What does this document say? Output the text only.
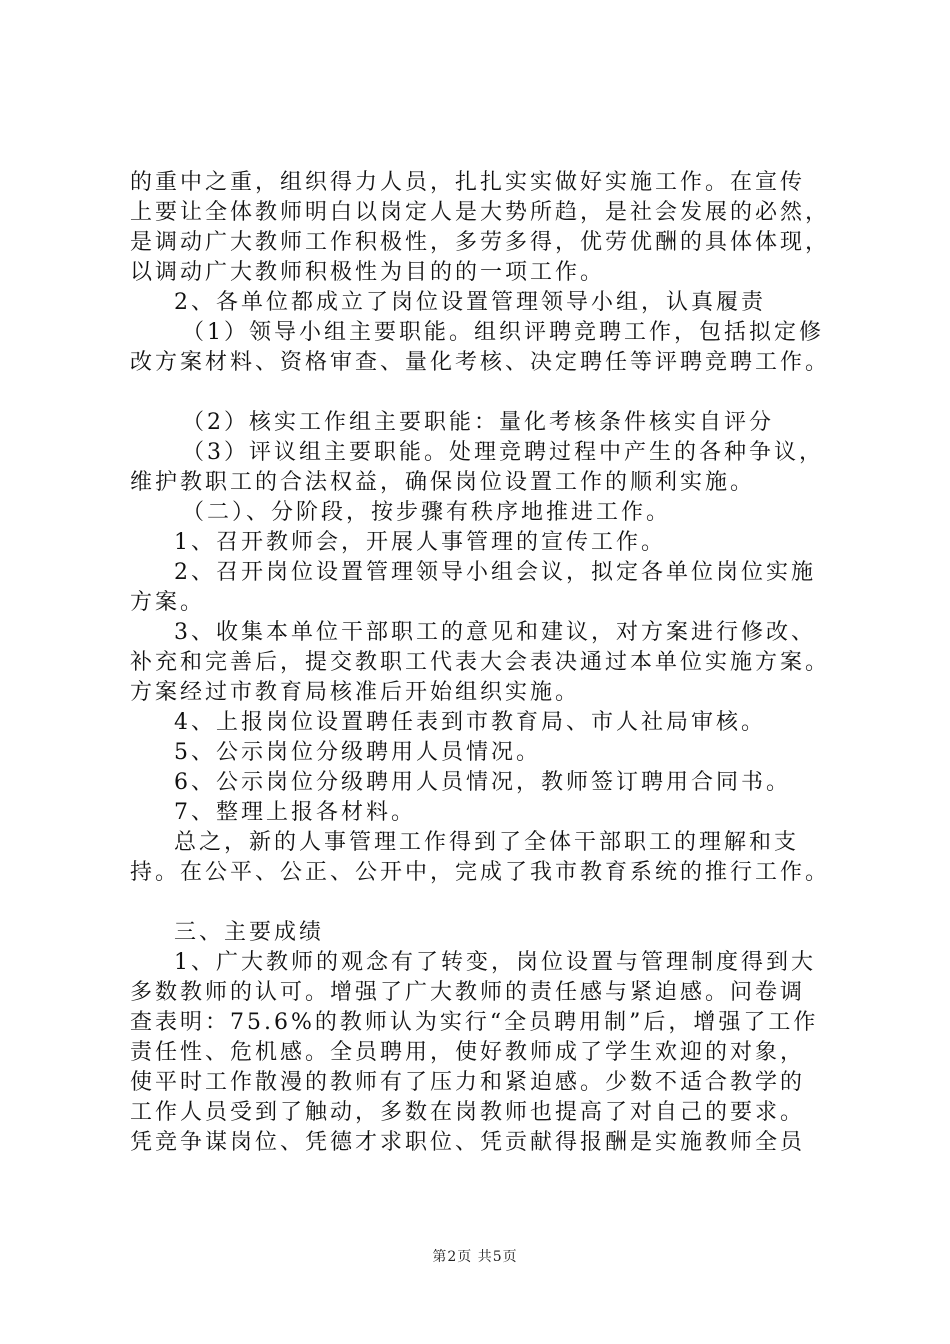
的重中之重，组织得力人员，扎扎实实做好实施工作。在宣传
上要让全体教师明白以岗定人是大势所趋，是社会发展的必然，
是调动广大教师工作积极性，多劳多得，优劳优酬的具体体现，
以调动广大教师积极性为目的的一项工作。
2、各单位都成立了岗位设置管理领导小组，认真履责
（1）领导小组主要职能。组织评聘竞聘工作，包括拟定修
改方案材料、资格审查、量化考核、决定聘任等评聘竞聘工作。
（2）核实工作组主要职能：量化考核条件核实自评分
（3）评议组主要职能。处理竞聘过程中产生的各种争议，
维护教职工的合法权益，确保岗位设置工作的顺利实施。
（二）、分阶段，按步骤有秩序地推进工作。
1、召开教师会，开展人事管理的宣传工作。
2、召开岗位设置管理领导小组会议，拟定各单位岗位实施
方案。
3、收集本单位干部职工的意见和建议，对方案进行修改、
补充和完善后，提交教职工代表大会表决通过本单位实施方案。
方案经过市教育局核准后开始组织实施。
4、上报岗位设置聘任表到市教育局、市人社局审核。
5、公示岗位分级聘用人员情况。
6、公示岗位分级聘用人员情况，教师签订聘用合同书。
7、整理上报各材料。
总之，新的人事管理工作得到了全体干部职工的理解和支
持。在公平、公正、公开中，完成了我市教育系统的推行工作。
三、主要成绩
1、广大教师的观念有了转变，岗位设置与管理制度得到大
多数教师的认可。增强了广大教师的责任感与紧迫感。问卷调
查表明：75.6%的教师认为实行“全员聘用制”后，增强了工作
责任性、危机感。全员聘用，使好教师成了学生欢迎的对象，
使平时工作散漫的教师有了压力和紧迫感。少数不适合教学的
工作人员受到了触动，多数在岗教师也提高了对自己的要求。
凭竞争谋岗位、凭德才求职位、凭贡献得报酬是实施教师全员
第2页 共5页
